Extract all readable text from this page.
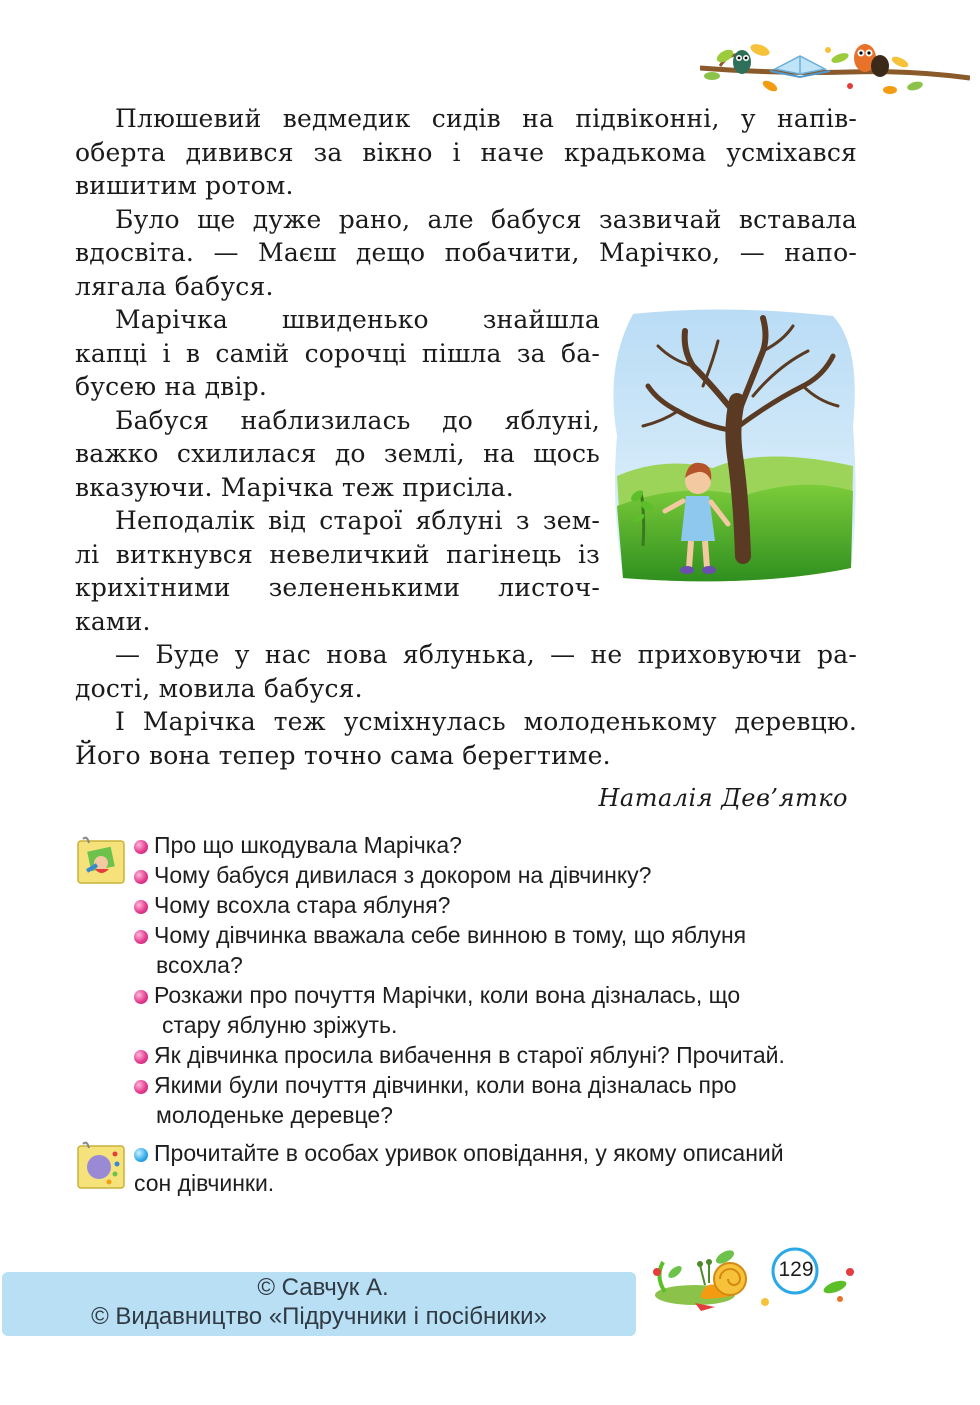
Плюшевий ведмедик сидів на підвіконні, у напів-
оберта дивився за вікно і наче крадькома усміхався
вишитим ротом.

Було ще дуже рано, але бабуся зазвичай вставала
вдосвіта. — Маєш дещо побачити, Марічко, — напо-
лягала бабуся.

Марічка швиденько знайшла
капці і в самій сорочці пішла за ба-
бусею на двір.

Бабуся наблизилась до яблуні,
важко схилилася до землі, на щось
вказуючи. Марічка теж присіла.

Неподалік від старої яблуні з зем-
лі виткнувся невеличкий пагінець із
крихітними зелененькими листоч-
ками.

— Буде у нас нова яблунька, — не приховуючи ра-
дості, мовила бабуся.

І Марічка теж усміхнулась молоденькому деревцю.
Його вона тепер точно сама берегтиме.

Наталія Дев’ятко
Про що шкодувала Марічка?
Чому бабуся дивилася з докором на дівчинку?
Чому всохла стара яблуня?
Чому дівчинка вважала себе винною в тому, що яблуня
всохла?
Розкажи про почуття Марічки, коли вона дізналась, що
стару яблуню зріжуть.
Як дівчинка просила вибачення в старої яблуні? Прочитай.
Якими були почуття дівчинки, коли вона дізналась про
молоденьке деревце?
Прочитайте в особах уривок оповідання, у якому описаний
сон дівчинки.
129
© Савчук А.
© Видавництво «Підручники і посібники»
